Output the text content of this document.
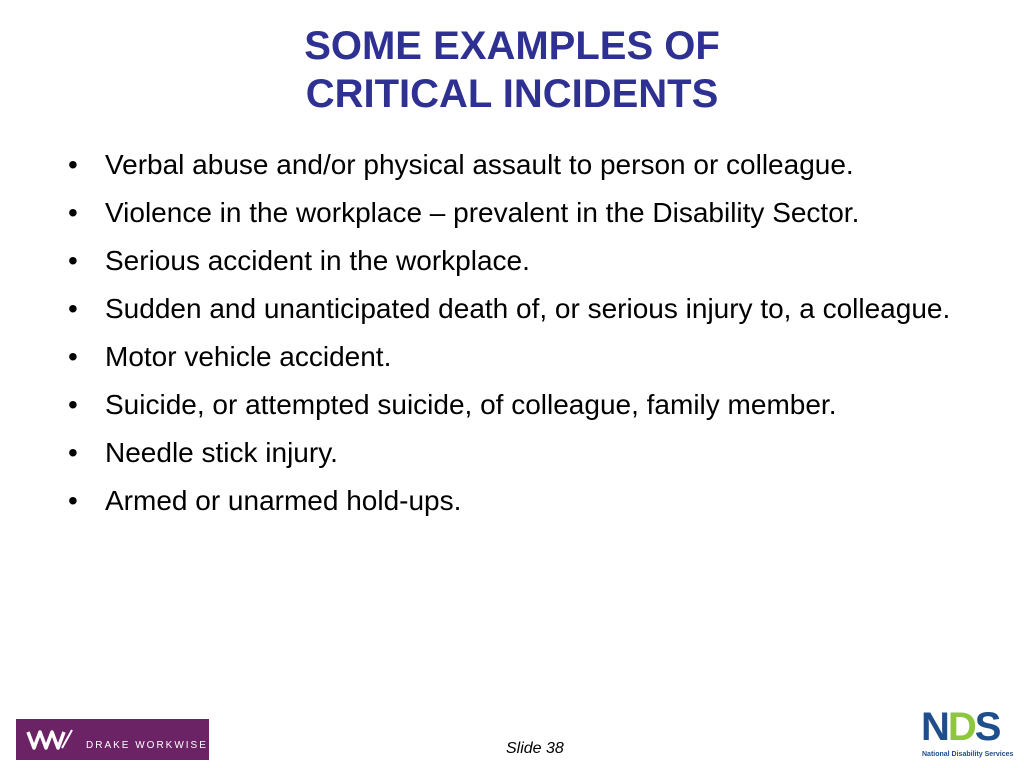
SOME EXAMPLES OF
CRITICAL INCIDENTS
• Verbal abuse and/or physical assault to person or colleague.
• Violence in the workplace – prevalent in the Disability Sector.
• Serious accident in the workplace.
• Sudden and unanticipated death of, or serious injury to, a colleague.
• Motor vehicle accident.
• Suicide, or attempted suicide, of colleague, family member.
• Needle stick injury.
• Armed or unarmed hold-ups.
DRAKE WORKWISE	Slide 38	NDS
National Disability Services
